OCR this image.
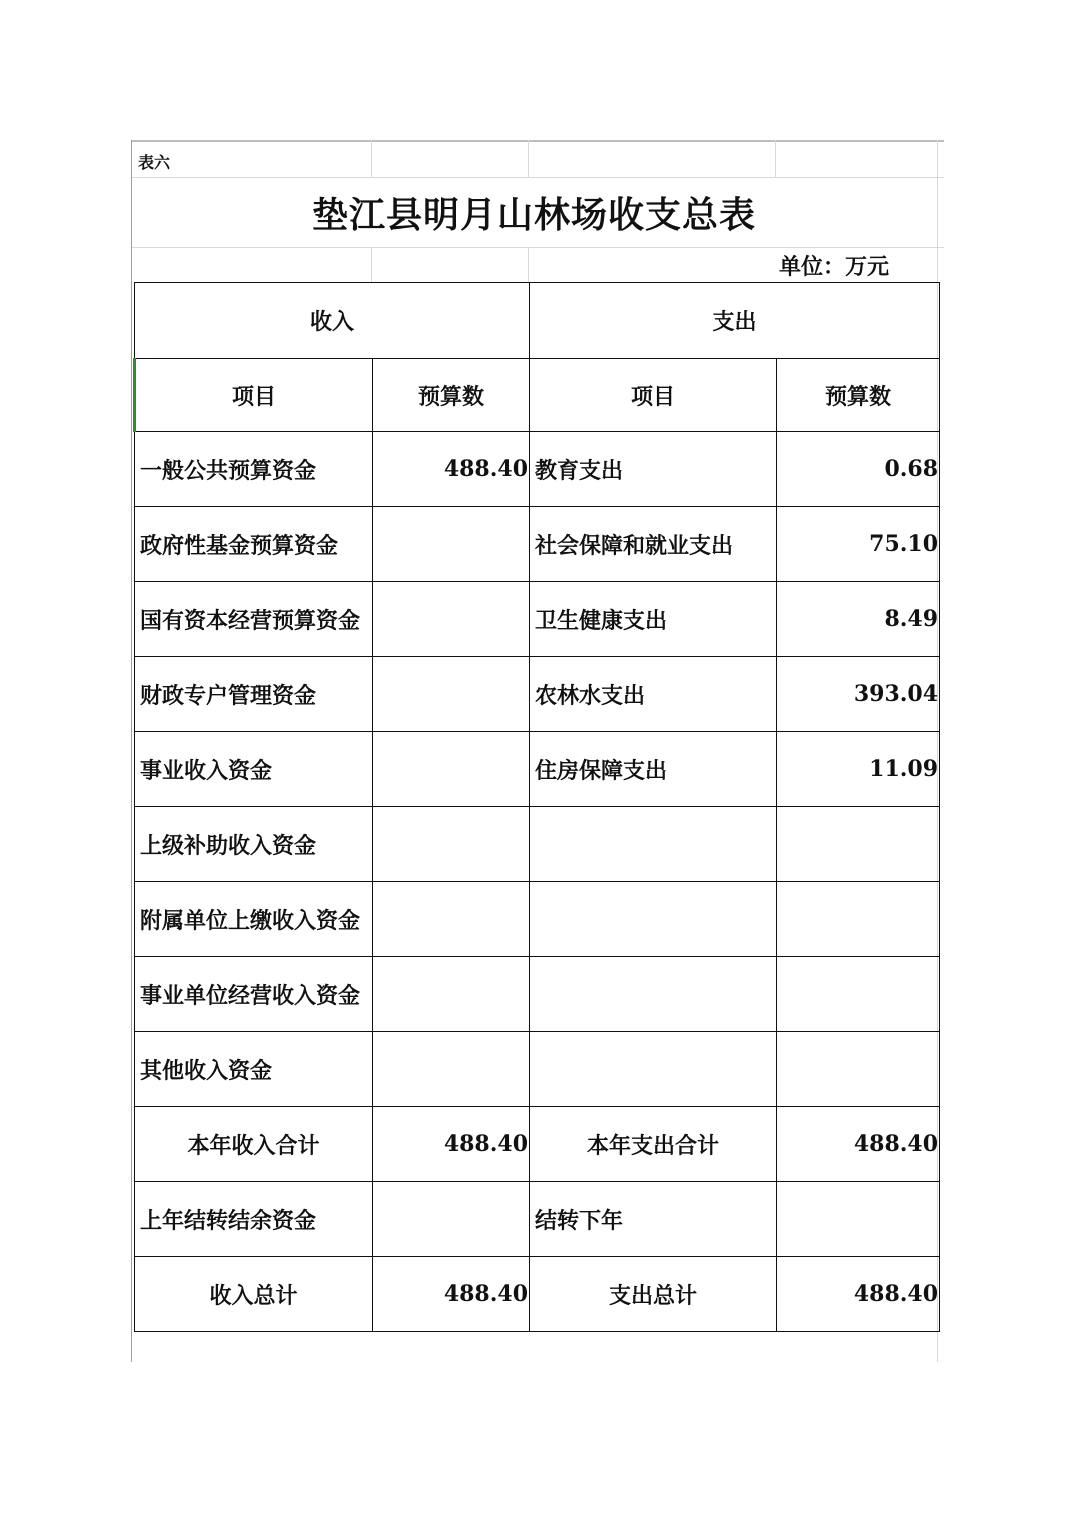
表六
垫江县明月山林场收支总表
单位：万元
收入		支出	
项目	预算数	项目	预算数
一般公共预算资金	488.40	教育支出	0.68
政府性基金预算资金		社会保障和就业支出	75.10
国有资本经营预算资金		卫生健康支出	8.49
财政专户管理资金		农林水支出	393.04
事业收入资金		住房保障支出	11.09
上级补助收入资金			
附属单位上缴收入资金			
事业单位经营收入资金			
其他收入资金			
本年收入合计	488.40	本年支出合计	488.40
上年结转结余资金		结转下年	
收入总计	488.40	支出总计	488.40
